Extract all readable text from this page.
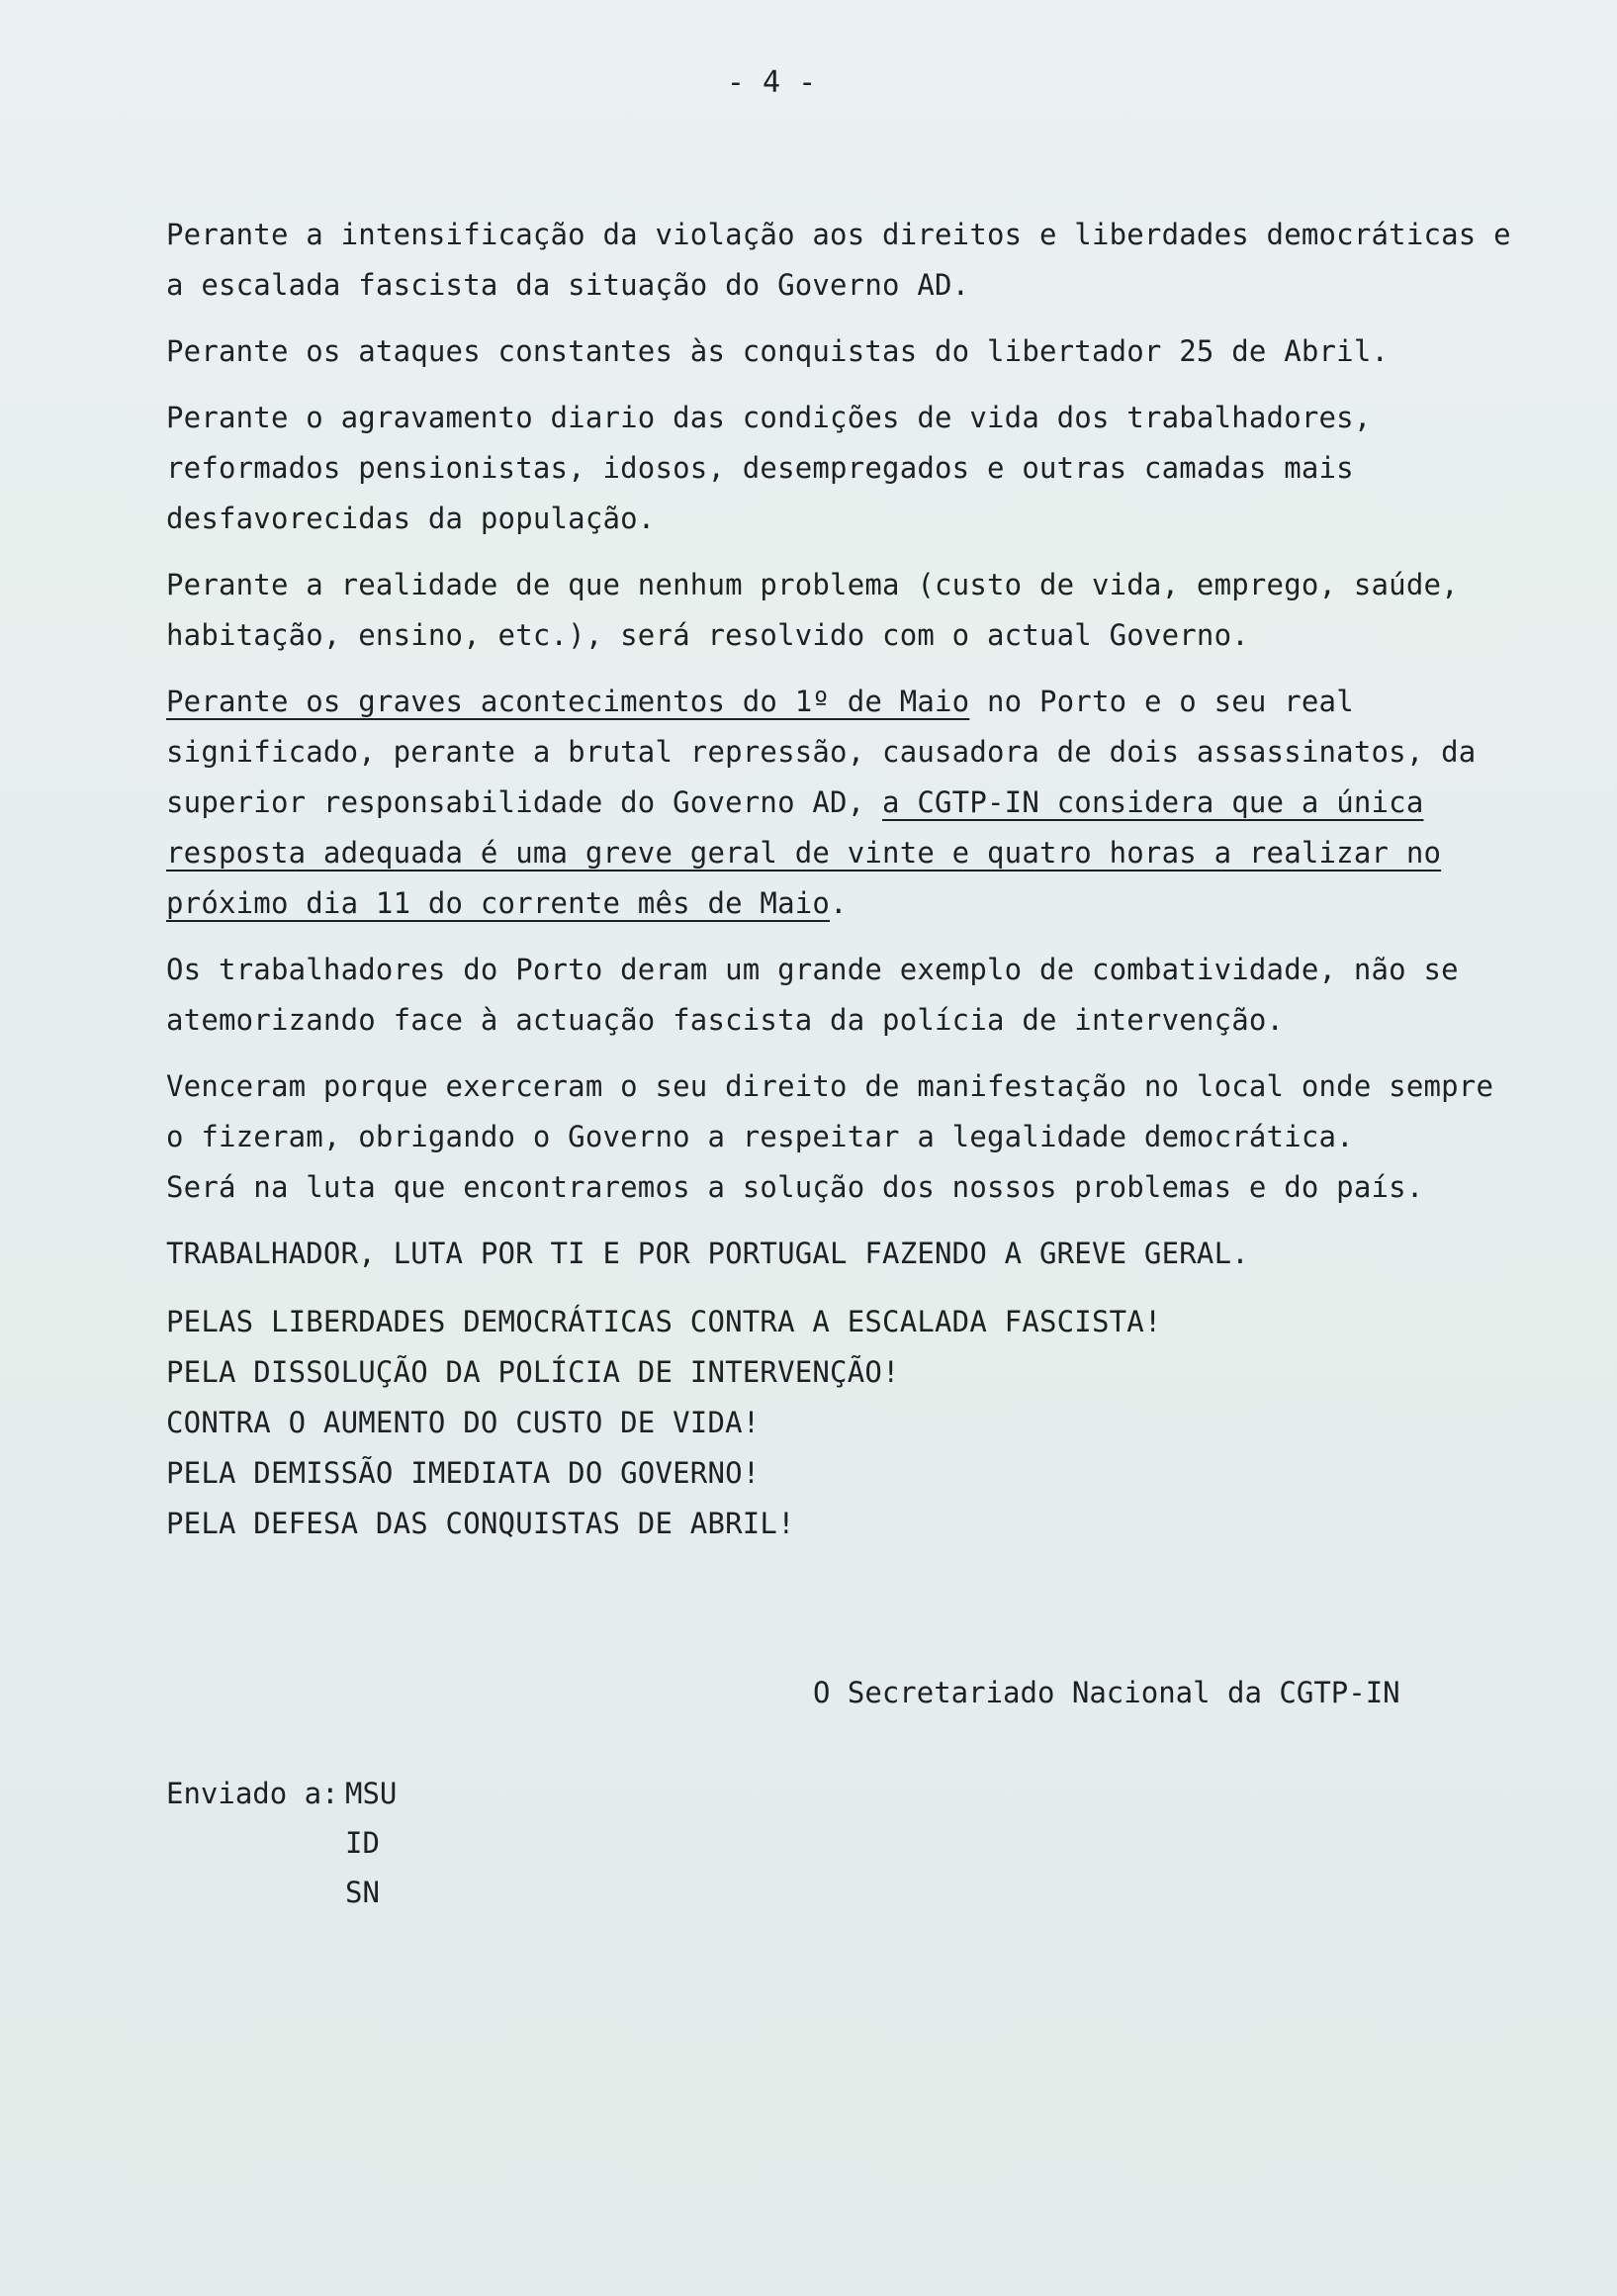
- 4 -

Perante a intensificação da violação aos direitos e liberdades democráticas e a escalada fascista da situação do Governo AD.

Perante os ataques constantes às conquistas do libertador 25 de Abril.

Perante o agravamento diario das condições de vida dos trabalhadores, reformados pensionistas, idosos, desempregados e outras camadas mais desfavorecidas da população.

Perante a realidade de que nenhum problema (custo de vida, emprego, saúde, habitação, ensino, etc.), será resolvido com o actual Governo.

Perante os graves acontecimentos do 1º de Maio no Porto e o seu real significado, perante a brutal repressão, causadora de dois assassinatos, da superior responsabilidade do Governo AD, a CGTP-IN considera que a única resposta adequada é uma greve geral de vinte e quatro horas a realizar no próximo dia 11 do corrente mês de Maio.

Os trabalhadores do Porto deram um grande exemplo de combatividade, não se atemorizando face à actuação fascista da polícia de intervenção.

Venceram porque exerceram o seu direito de manifestação no local onde sempre o fizeram, obrigando o Governo a respeitar a legalidade democrática.

Será na luta que encontraremos a solução dos nossos problemas e do país.

TRABALHADOR, LUTA POR TI E POR PORTUGAL FAZENDO A GREVE GERAL.

PELAS LIBERDADES DEMOCRÁTICAS CONTRA A ESCALADA FASCISTA!

PELA DISSOLUÇÃO DA POLÍCIA DE INTERVENÇÃO!

CONTRA O AUMENTO DO CUSTO DE VIDA!

PELA DEMISSÃO IMEDIATA DO GOVERNO!

PELA DEFESA DAS CONQUISTAS DE ABRIL!

O Secretariado Nacional da CGTP-IN
Enviado a: MSU
ID
SN
